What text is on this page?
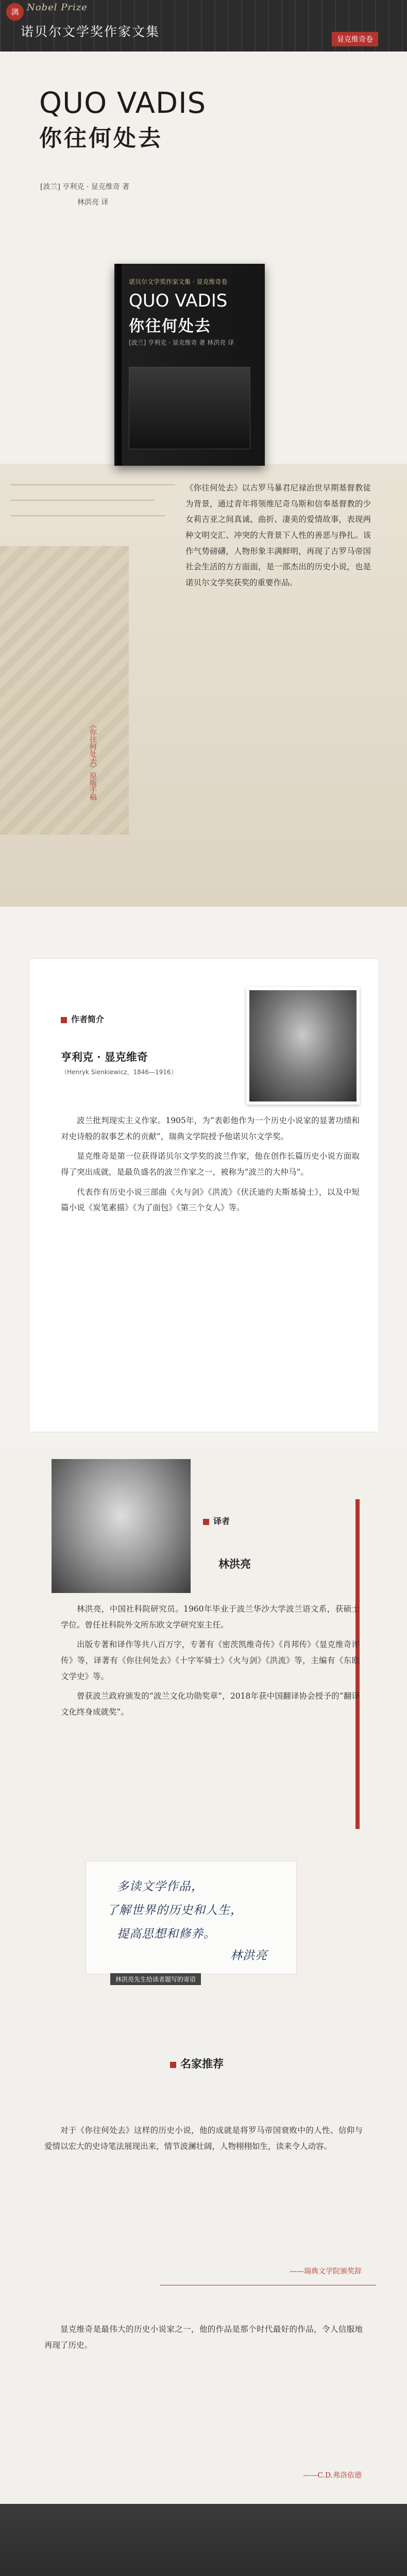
漓 Nobel Prize
诺贝尔文学奖作家文集
显克维奇卷
QUO VADIS
你往何处去
[波兰] 亨利克 · 显克维奇 著
林洪亮 译
诺贝尔文学奖作家文集 · 显克维奇卷
QUO VADIS
你往何处去
[波兰] 亨利克 · 显克维奇 著 林洪亮 译
《你往何处去》原版手稿
《你往何处去》以古罗马暴君尼禄治世早期基督教徒为背景，通过青年将领维尼奇乌斯和信奉基督教的少女莉吉亚之间真诚、曲折、凄美的爱情故事，表现两种文明交汇、冲突的大背景下人性的善恶与挣扎。该作气势磅礴，人物形象丰满鲜明，再现了古罗马帝国社会生活的方方面面，是一部杰出的历史小说，也是诺贝尔文学奖获奖的重要作品。
作者简介
亨利克 · 显克维奇
（Henryk Sienkiewicz，1846—1916）

波兰批判现实主义作家。1905年，为“表彰他作为一个历史小说家的显著功绩和对史诗般的叙事艺术的贡献”，瑞典文学院授予他诺贝尔文学奖。

显克维奇是第一位获得诺贝尔文学奖的波兰作家，他在创作长篇历史小说方面取得了突出成就，是最负盛名的波兰作家之一，被称为“波兰的大仲马”。

代表作有历史小说三部曲《火与剑》《洪流》《伏沃迪约夫斯基骑士》，以及中短篇小说《炭笔素描》《为了面包》《第三个女人》等。

译者
林洪亮

林洪亮，中国社科院研究员。1960年毕业于波兰华沙大学波兰语文系，获硕士学位。曾任社科院外文所东欧文学研究室主任。

出版专著和译作等共八百万字，专著有《密茨凯维奇传》《肖邦传》《显克维奇评传》等，译著有《你往何处去》《十字军骑士》《火与剑》《洪流》等，主编有《东欧文学史》等。

曾获波兰政府颁发的“波兰文化功勋奖章”，2018年获中国翻译协会授予的“翻译文化终身成就奖”。

多读文学作品，
了解世界的历史和人生，
提高思想和修养。
林洪亮
林洪亮先生给读者题写的寄语
名家推荐
对于《你往何处去》这样的历史小说，他的成就是将罗马帝国衰败中的人性、信仰与爱情以宏大的史诗笔法展现出来，情节波澜壮阔，人物栩栩如生，读来令人动容。
——瑞典文学院颁奖辞
显克维奇是最伟大的历史小说家之一，他的作品是那个时代最好的作品，令人信服地再现了历史。
——C.D.弗洛依德
